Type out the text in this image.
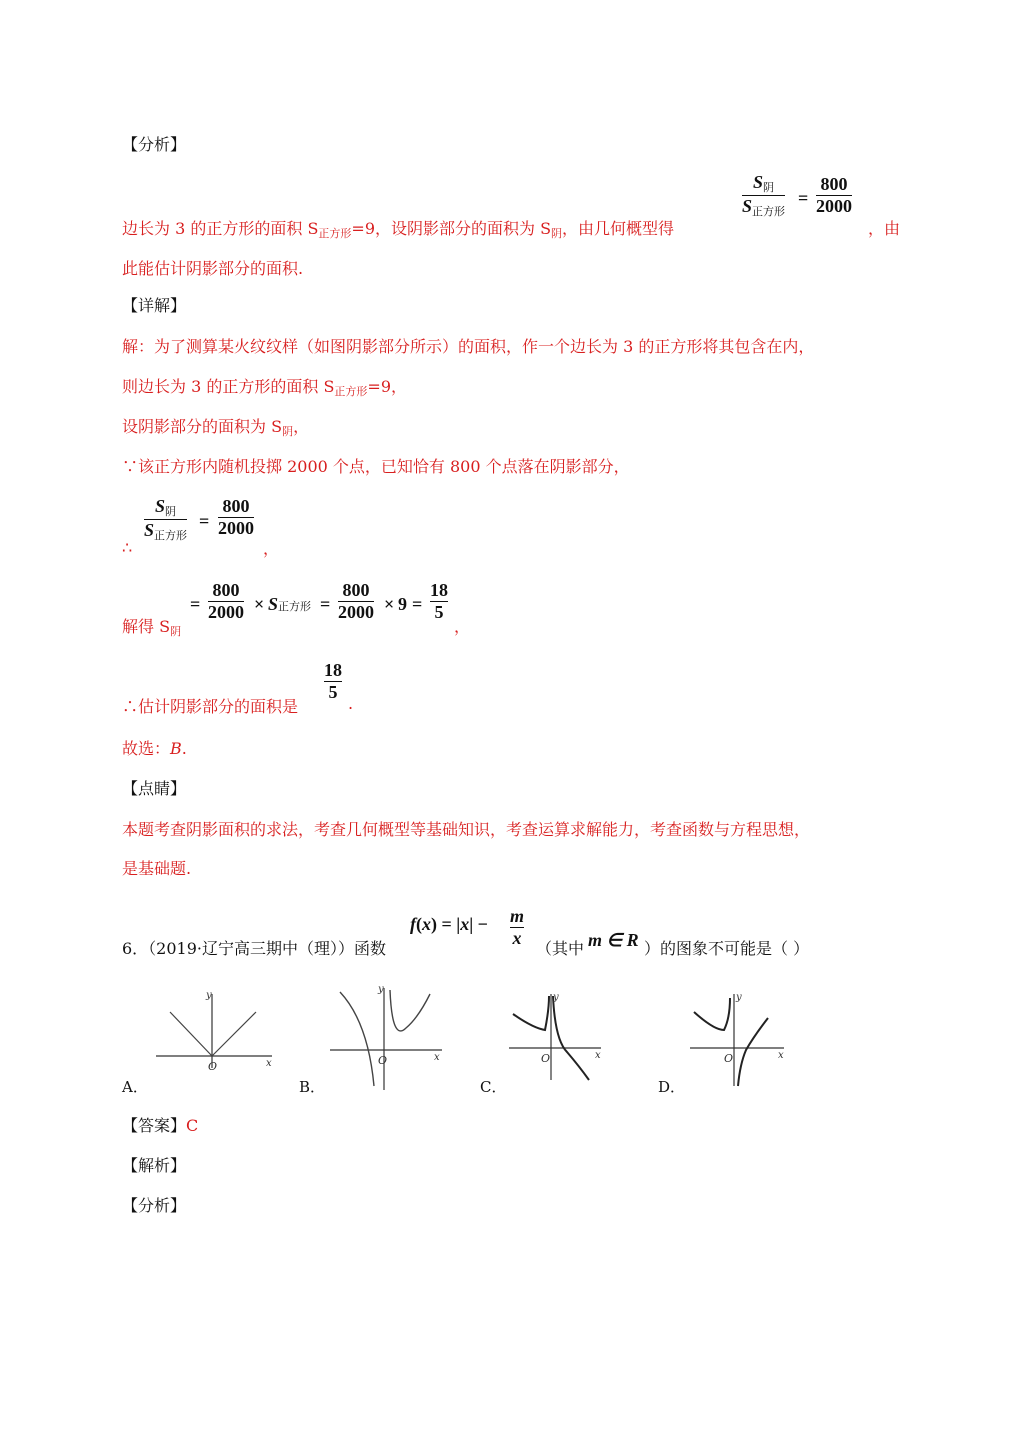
【分析】
边长为 3 的正方形的面积 $S_{正方形}=9$，设阴影部分的面积为 $S_阴$，由几何概型得
S阴
S正方形
=
800
2000
，由
此能估计阴影部分的面积.
【详解】
解：为了测算某火纹纹样（如图阴影部分所示）的面积，作一个边长为 3 的正方形将其包含在内，
则边长为 3 的正方形的面积 $S_{正方形}=9$，
设阴影部分的面积为 $S_阴$，
∵该正方形内随机投掷 2000 个点，已知恰有 800 个点落在阴影部分，
∴
S阴
S正方形
=
800
2000
，
解得 $S_阴$
=
800
2000 × S正方形 =
800
2000 × 9 =
18
5
，
∴估计阴影部分的面积是
18
5
.
故选：B.
【点睛】
本题考查阴影面积的求法，考查几何概型等基础知识，考查运算求解能力，考查函数与方程思想，
是基础题.
6．（2019·辽宁高三期中（理））函数
f(x) = |x| − m
x
（其中 m ∈ R ）的图象不可能是（ ）
O	x
y
A．
O	x
y
B．
O	x
y
C．
O	x
y
D．
【答案】C
【解析】
【分析】
